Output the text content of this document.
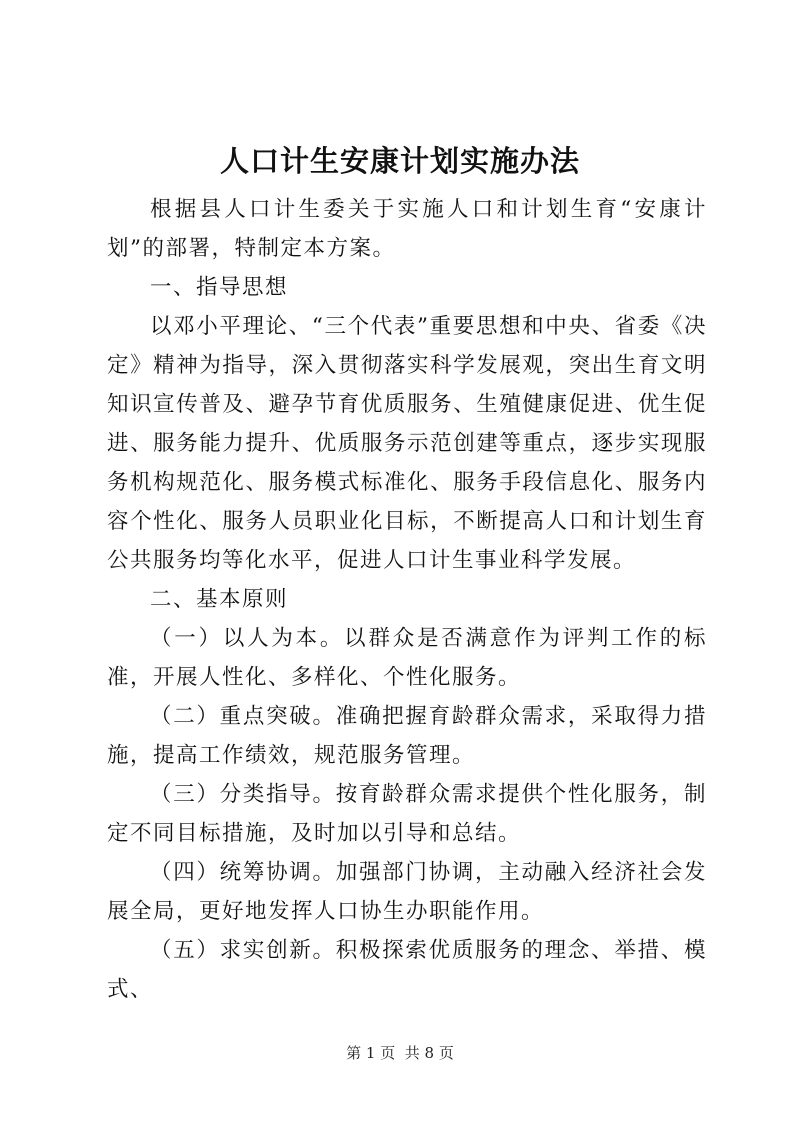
人口计生安康计划实施办法

根据县人口计生委关于实施人口和计划生育“安康计划”的部署，特制定本方案。

一、指导思想

以邓小平理论、“三个代表”重要思想和中央、省委《决定》精神为指导，深入贯彻落实科学发展观，突出生育文明知识宣传普及、避孕节育优质服务、生殖健康促进、优生促进、服务能力提升、优质服务示范创建等重点，逐步实现服务机构规范化、服务模式标准化、服务手段信息化、服务内容个性化、服务人员职业化目标，不断提高人口和计划生育公共服务均等化水平，促进人口计生事业科学发展。

二、基本原则

（一）以人为本。以群众是否满意作为评判工作的标准，开展人性化、多样化、个性化服务。

（二）重点突破。准确把握育龄群众需求，采取得力措施，提高工作绩效，规范服务管理。

（三）分类指导。按育龄群众需求提供个性化服务，制定不同目标措施，及时加以引导和总结。

（四）统筹协调。加强部门协调，主动融入经济社会发展全局，更好地发挥人口协生办职能作用。

（五）求实创新。积极探索优质服务的理念、举措、模式、

第 1 页  共 8 页
